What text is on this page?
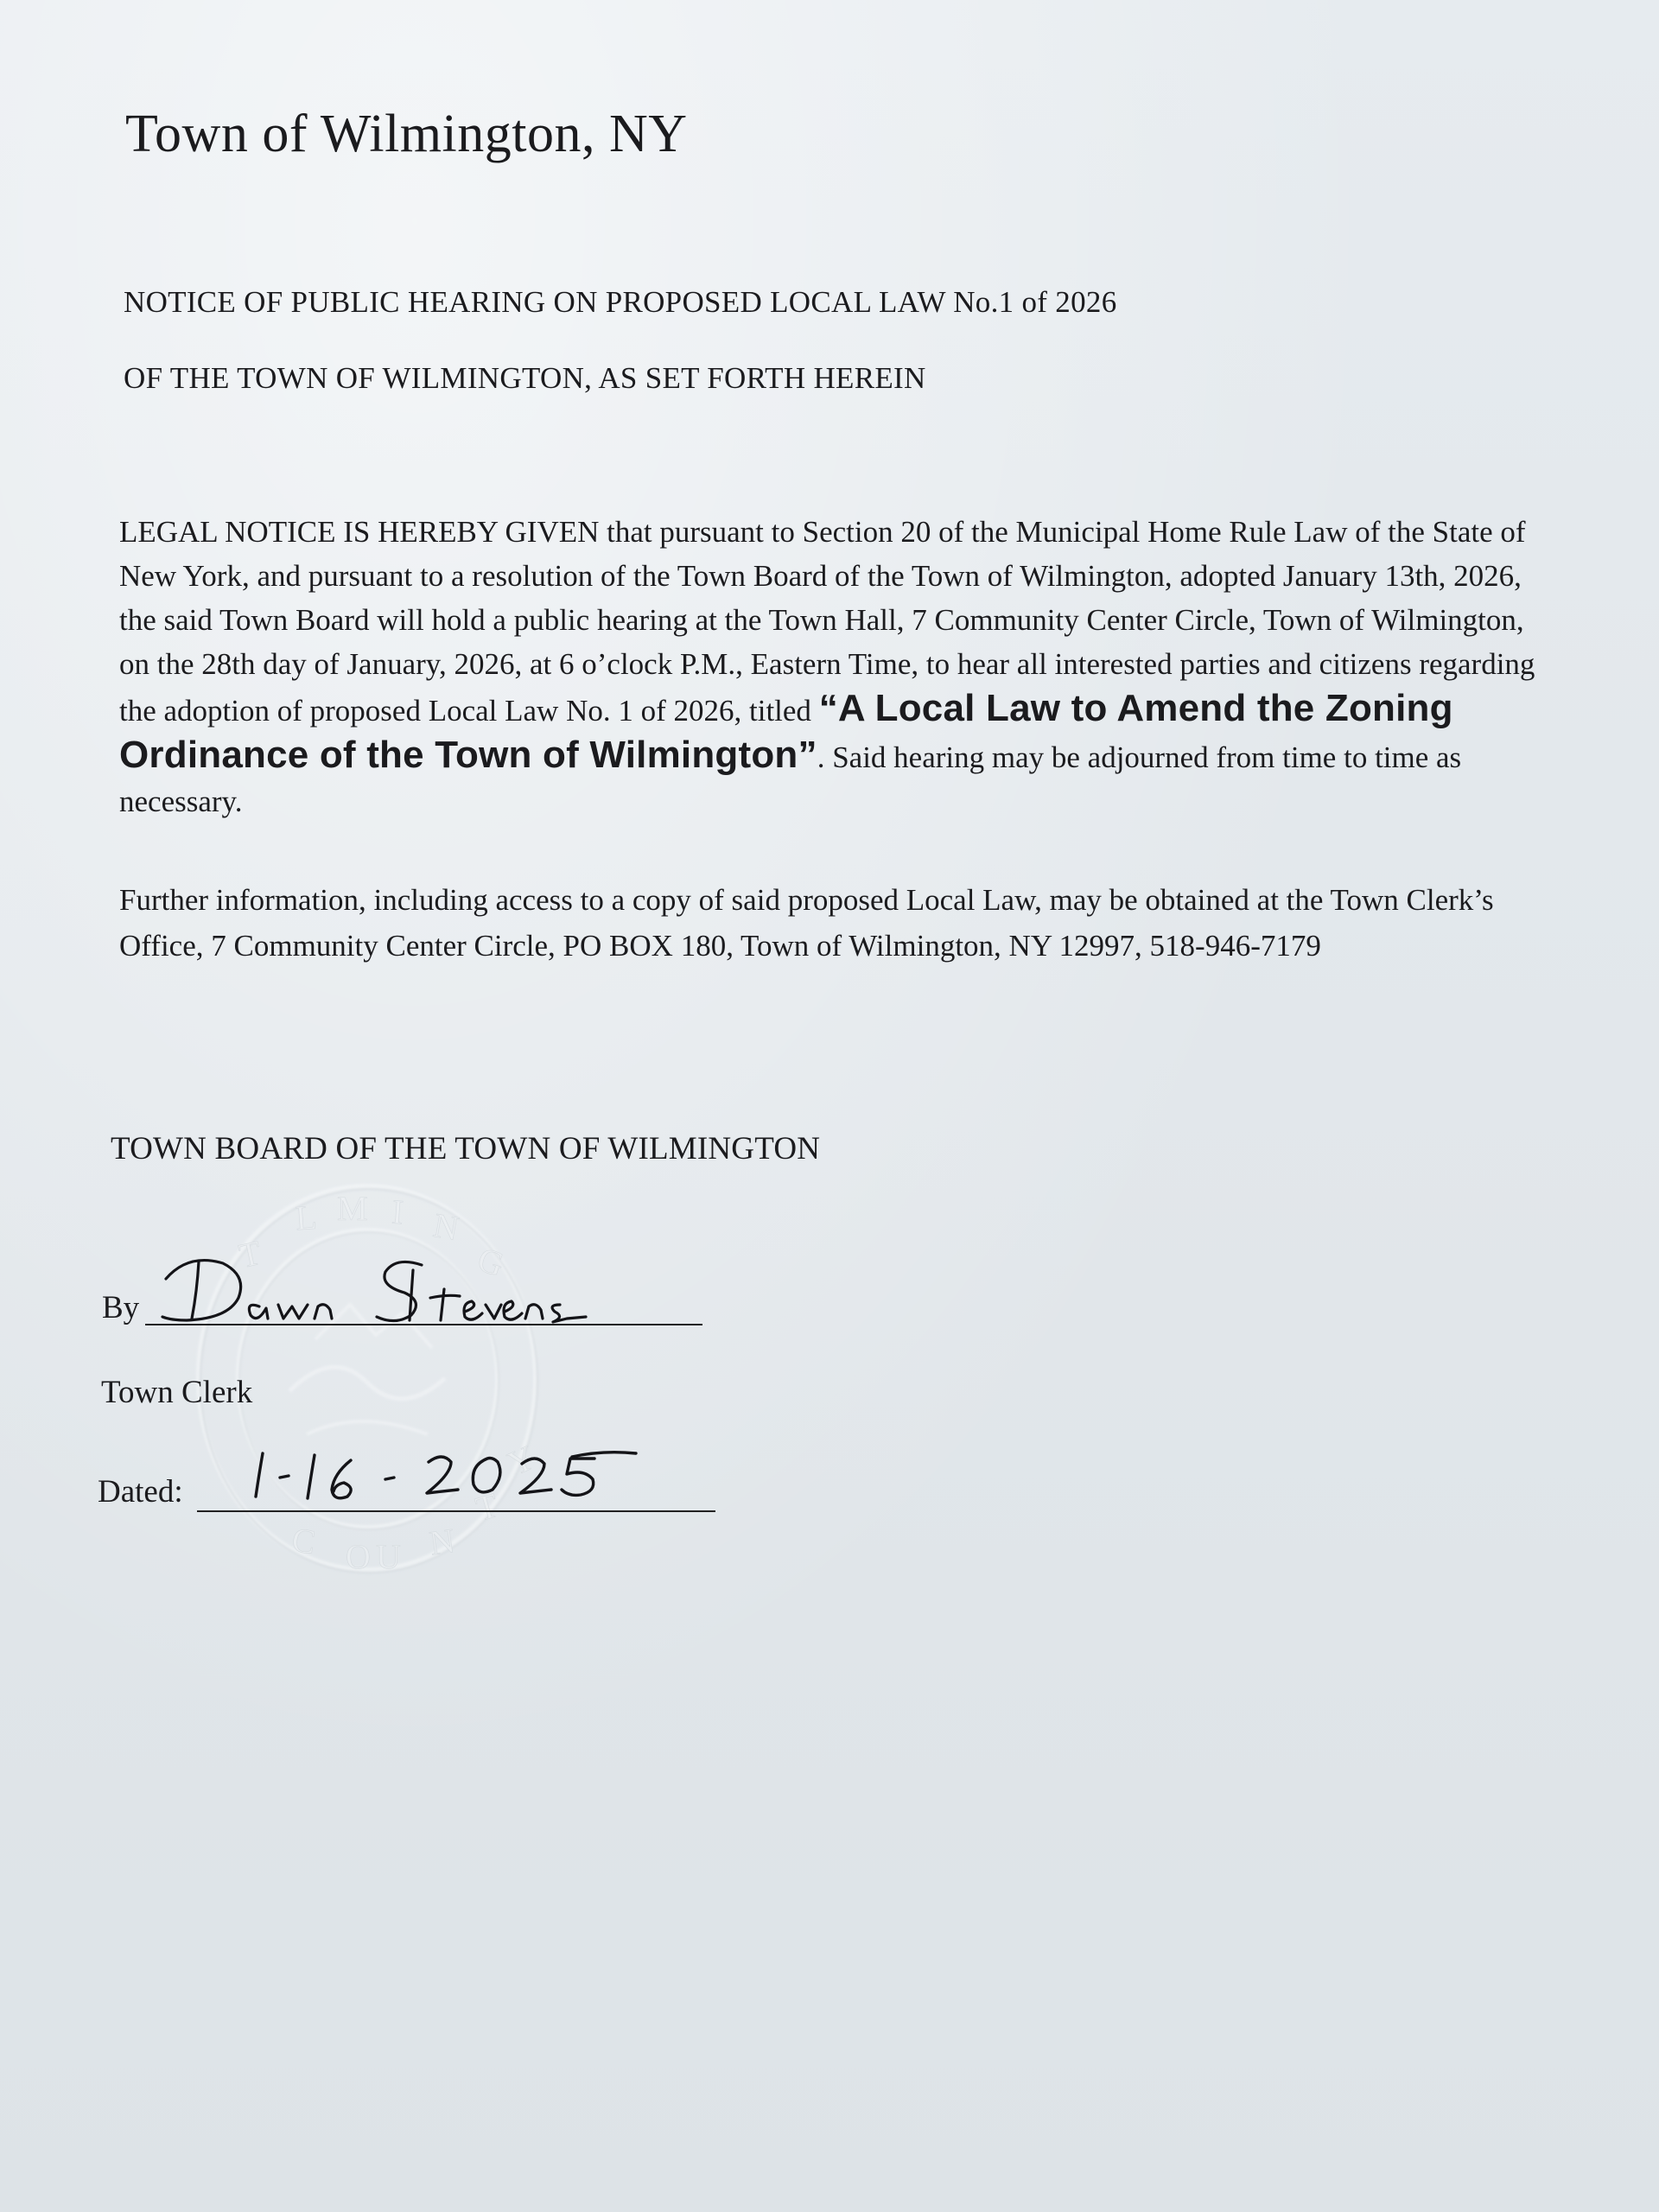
Town of Wilmington, NY

NOTICE OF PUBLIC HEARING ON PROPOSED LOCAL LAW No.1 of 2026

OF THE TOWN OF WILMINGTON, AS SET FORTH HEREIN

LEGAL NOTICE IS HEREBY GIVEN that pursuant to Section 20 of the Municipal Home Rule Law of the State of New York, and pursuant to a resolution of the Town Board of the Town of Wilmington, adopted January 13th, 2026, the said Town Board will hold a public hearing at the Town Hall, 7 Community Center Circle, Town of Wilmington, on the 28th day of January, 2026, at 6 o’clock P.M., Eastern Time, to hear all interested parties and citizens regarding the adoption of proposed Local Law No. 1 of 2026, titled “A Local Law to Amend the Zoning Ordinance of the Town of Wilmington”. Said hearing may be adjourned from time to time as necessary.

Further information, including access to a copy of said proposed Local Law, may be obtained at the Town Clerk’s Office, 7 Community Center Circle, PO BOX 180, Town of Wilmington, NY 12997, 518-946-7179

TOWN BOARD OF THE TOWN OF WILMINGTON

T
L M I N
G
C O U N
T
Y
By

Town Clerk

Dated:
